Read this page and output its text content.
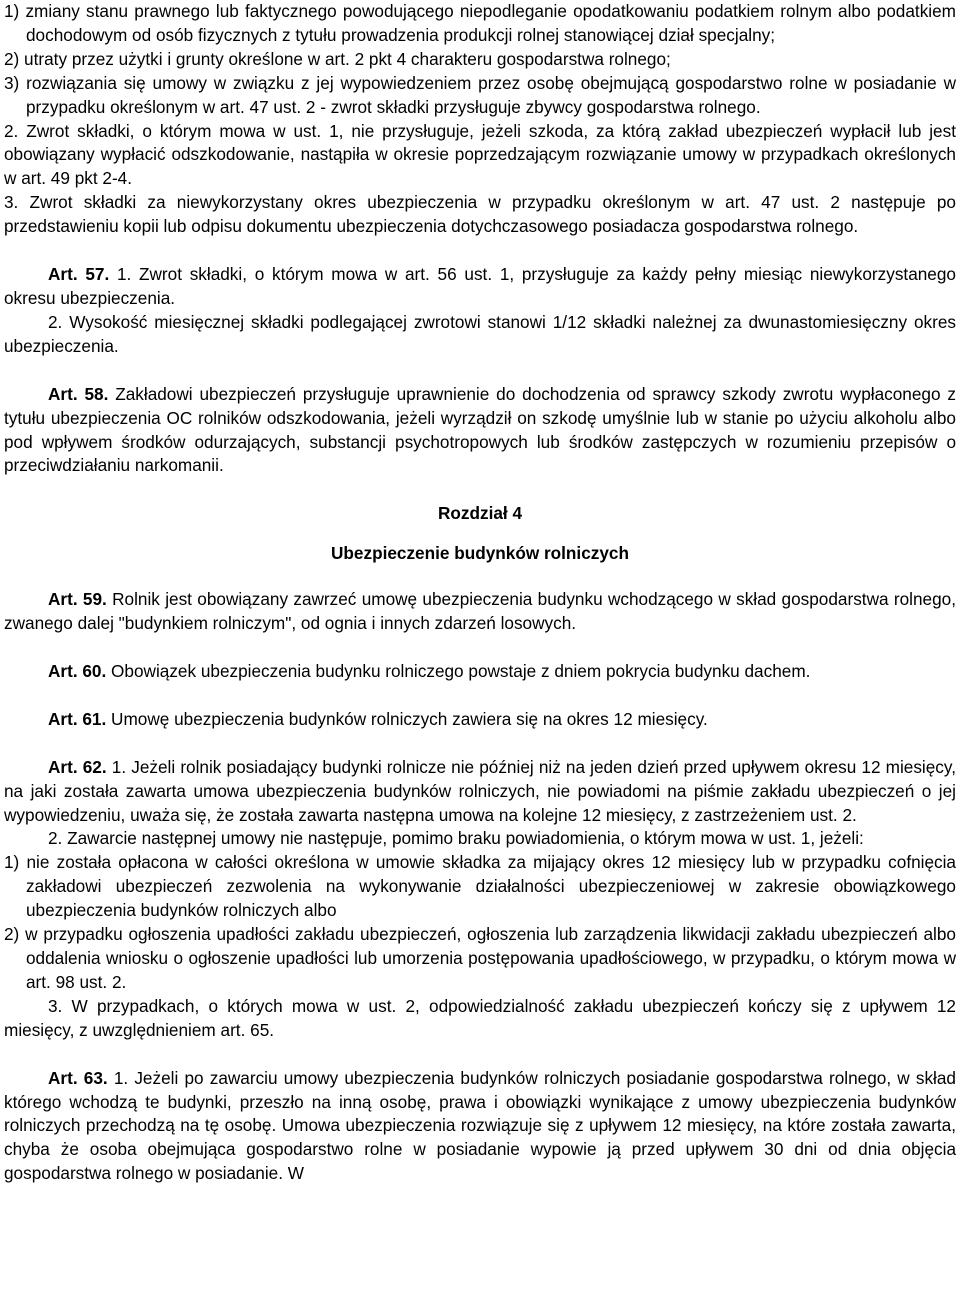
1) zmiany stanu prawnego lub faktycznego powodującego niepodleganie opodatkowaniu podatkiem rolnym albo podatkiem dochodowym od osób fizycznych z tytułu prowadzenia produkcji rolnej stanowiącej dział specjalny;

2) utraty przez użytki i grunty określone w art. 2 pkt 4 charakteru gospodarstwa rolnego;

3) rozwiązania się umowy w związku z jej wypowiedzeniem przez osobę obejmującą gospodarstwo rolne w posiadanie w przypadku określonym w art. 47 ust. 2 - zwrot składki przysługuje zbywcy gospodarstwa rolnego.

2. Zwrot składki, o którym mowa w ust. 1, nie przysługuje, jeżeli szkoda, za którą zakład ubezpieczeń wypłacił lub jest obowiązany wypłacić odszkodowanie, nastąpiła w okresie poprzedzającym rozwiązanie umowy w przypadkach określonych w art. 49 pkt 2-4.

3. Zwrot składki za niewykorzystany okres ubezpieczenia w przypadku określonym w art. 47 ust. 2 następuje po przedstawieniu kopii lub odpisu dokumentu ubezpieczenia dotychczasowego posiadacza gospodarstwa rolnego.

Art. 57. 1. Zwrot składki, o którym mowa w art. 56 ust. 1, przysługuje za każdy pełny miesiąc niewykorzystanego okresu ubezpieczenia.

2. Wysokość miesięcznej składki podlegającej zwrotowi stanowi 1/12 składki należnej za dwunastomiesięczny okres ubezpieczenia.

Art. 58. Zakładowi ubezpieczeń przysługuje uprawnienie do dochodzenia od sprawcy szkody zwrotu wypłaconego z tytułu ubezpieczenia OC rolników odszkodowania, jeżeli wyrządził on szkodę umyślnie lub w stanie po użyciu alkoholu albo pod wpływem środków odurzających, substancji psychotropowych lub środków zastępczych w rozumieniu przepisów o przeciwdziałaniu narkomanii.

Rozdział 4

Ubezpieczenie budynków rolniczych

Art. 59. Rolnik jest obowiązany zawrzeć umowę ubezpieczenia budynku wchodzącego w skład gospodarstwa rolnego, zwanego dalej "budynkiem rolniczym", od ognia i innych zdarzeń losowych.

Art. 60. Obowiązek ubezpieczenia budynku rolniczego powstaje z dniem pokrycia budynku dachem.

Art. 61. Umowę ubezpieczenia budynków rolniczych zawiera się na okres 12 miesięcy.

Art. 62. 1. Jeżeli rolnik posiadający budynki rolnicze nie później niż na jeden dzień przed upływem okresu 12 miesięcy, na jaki została zawarta umowa ubezpieczenia budynków rolniczych, nie powiadomi na piśmie zakładu ubezpieczeń o jej wypowiedzeniu, uważa się, że została zawarta następna umowa na kolejne 12 miesięcy, z zastrzeżeniem ust. 2.

2. Zawarcie następnej umowy nie następuje, pomimo braku powiadomienia, o którym mowa w ust. 1, jeżeli:

1) nie została opłacona w całości określona w umowie składka za mijający okres 12 miesięcy lub w przypadku cofnięcia zakładowi ubezpieczeń zezwolenia na wykonywanie działalności ubezpieczeniowej w zakresie obowiązkowego ubezpieczenia budynków rolniczych albo

2) w przypadku ogłoszenia upadłości zakładu ubezpieczeń, ogłoszenia lub zarządzenia likwidacji zakładu ubezpieczeń albo oddalenia wniosku o ogłoszenie upadłości lub umorzenia postępowania upadłościowego, w przypadku, o którym mowa w art. 98 ust. 2.

3. W przypadkach, o których mowa w ust. 2, odpowiedzialność zakładu ubezpieczeń kończy się z upływem 12 miesięcy, z uwzględnieniem art. 65.

Art. 63. 1. Jeżeli po zawarciu umowy ubezpieczenia budynków rolniczych posiadanie gospodarstwa rolnego, w skład którego wchodzą te budynki, przeszło na inną osobę, prawa i obowiązki wynikające z umowy ubezpieczenia budynków rolniczych przechodzą na tę osobę. Umowa ubezpieczenia rozwiązuje się z upływem 12 miesięcy, na które została zawarta, chyba że osoba obejmująca gospodarstwo rolne w posiadanie wypowie ją przed upływem 30 dni od dnia objęcia gospodarstwa rolnego w posiadanie. W
